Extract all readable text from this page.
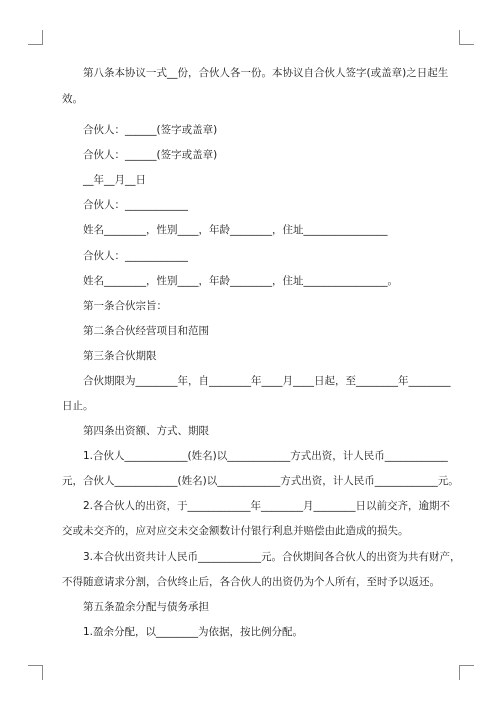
第八条本协议一式__份，合伙人各一份。本协议自合伙人签字(或盖章)之日起生
效。
合伙人：______(签字或盖章)
合伙人：______(签字或盖章)
__年__月__日
合伙人：____________
姓名________，性别____，年龄________，住址________________
合伙人：____________
姓名________，性别____，年龄________，住址________________。
第一条合伙宗旨：
第二条合伙经营项目和范围
第三条合伙期限
合伙期限为________年，自________年____月____日起，至________年________
日止。
第四条出资额、方式、期限
1.合伙人____________(姓名)以____________方式出资，计人民币____________
元，合伙人____________(姓名)以____________方式出资，计人民币____________元。
2.各合伙人的出资，于____________年________月________日以前交齐，逾期不
交或未交齐的，应对应交未交金额数计付银行利息并赔偿由此造成的损失。
3.本合伙出资共计人民币____________元。合伙期间各合伙人的出资为共有财产，
不得随意请求分割，合伙终止后，各合伙人的出资仍为个人所有，至时予以返还。
第五条盈余分配与债务承担
1.盈余分配，以________为依据，按比例分配。
